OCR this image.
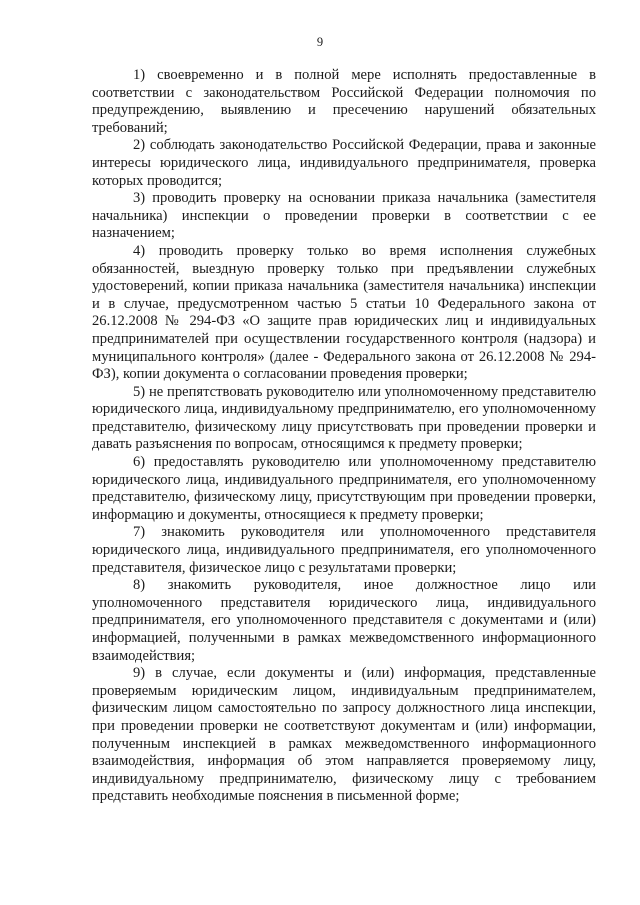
9

1) своевременно и в полной мере исполнять предоставленные в соответствии с законодательством Российской Федерации полномочия по предупреждению, выявлению и пресечению нарушений обязательных требований;

2) соблюдать законодательство Российской Федерации, права и законные интересы юридического лица, индивидуального предпринимателя, проверка которых проводится;

3) проводить проверку на основании приказа начальника (заместителя начальника) инспекции о проведении проверки в соответствии с ее назначением;

4) проводить проверку только во время исполнения служебных обязанностей, выездную проверку только при предъявлении служебных удостоверений, копии приказа начальника (заместителя начальника) инспекции и в случае, предусмотренном частью 5 статьи 10 Федерального закона от 26.12.2008 № 294-ФЗ «О защите прав юридических лиц и индивидуальных предпринимателей при осуществлении государственного контроля (надзора) и муниципального контроля» (далее - Федерального закона от 26.12.2008 № 294-ФЗ), копии документа о согласовании проведения проверки;

5) не препятствовать руководителю или уполномоченному представителю юридического лица, индивидуальному предпринимателю, его уполномоченному представителю, физическому лицу присутствовать при проведении проверки и давать разъяснения по вопросам, относящимся к предмету проверки;

6) предоставлять руководителю или уполномоченному представителю юридического лица, индивидуального предпринимателя, его уполномоченному представителю, физическому лицу, присутствующим при проведении проверки, информацию и документы, относящиеся к предмету проверки;

7) знакомить руководителя или уполномоченного представителя юридического лица, индивидуального предпринимателя, его уполномоченного представителя, физическое лицо с результатами проверки;

8) знакомить руководителя, иное должностное лицо или уполномоченного представителя юридического лица, индивидуального предпринимателя, его уполномоченного представителя с документами и (или) информацией, полученными в рамках межведомственного информационного взаимодействия;

9) в случае, если документы и (или) информация, представленные проверяемым юридическим лицом, индивидуальным предпринимателем, физическим лицом самостоятельно по запросу должностного лица инспекции, при проведении проверки не соответствуют документам и (или) информации, полученным инспекцией в рамках межведомственного информационного взаимодействия, информация об этом направляется проверяемому лицу, индивидуальному предпринимателю, физическому лицу с требованием представить необходимые пояснения в письменной форме;
